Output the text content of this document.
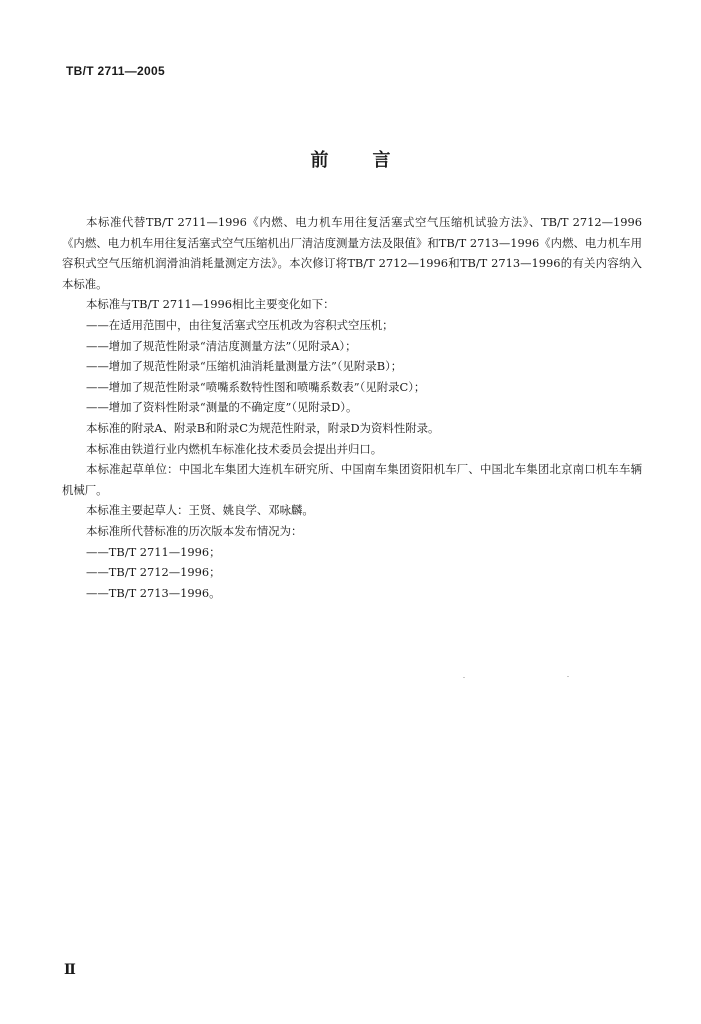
TB/T 2711—2005
前言

本标准代替TB/T 2711—1996《内燃、电力机车用往复活塞式空气压缩机试验方法》、TB/T 2712—1996《内燃、电力机车用往复活塞式空气压缩机出厂清洁度测量方法及限值》和TB/T 2713—1996《内燃、电力机车用容积式空气压缩机润滑油消耗量测定方法》。本次修订将TB/T 2712—1996和TB/T 2713—1996的有关内容纳入本标准。

本标准与TB/T 2711—1996相比主要变化如下：

——在适用范围中，由往复活塞式空压机改为容积式空压机；

——增加了规范性附录“清洁度测量方法”（见附录A）；

——增加了规范性附录“压缩机油消耗量测量方法”（见附录B）；

——增加了规范性附录“喷嘴系数特性图和喷嘴系数表”（见附录C）；

——增加了资料性附录“测量的不确定度”（见附录D）。

本标准的附录A、附录B和附录C为规范性附录，附录D为资料性附录。

本标准由铁道行业内燃机车标准化技术委员会提出并归口。

本标准起草单位：中国北车集团大连机车研究所、中国南车集团资阳机车厂、中国北车集团北京南口机车车辆机械厂。

本标准主要起草人：王贤、姚良学、邓咏麟。

本标准所代替标准的历次版本发布情况为：

——TB/T 2711—1996；

——TB/T 2712—1996；

——TB/T 2713—1996。

Ⅱ
